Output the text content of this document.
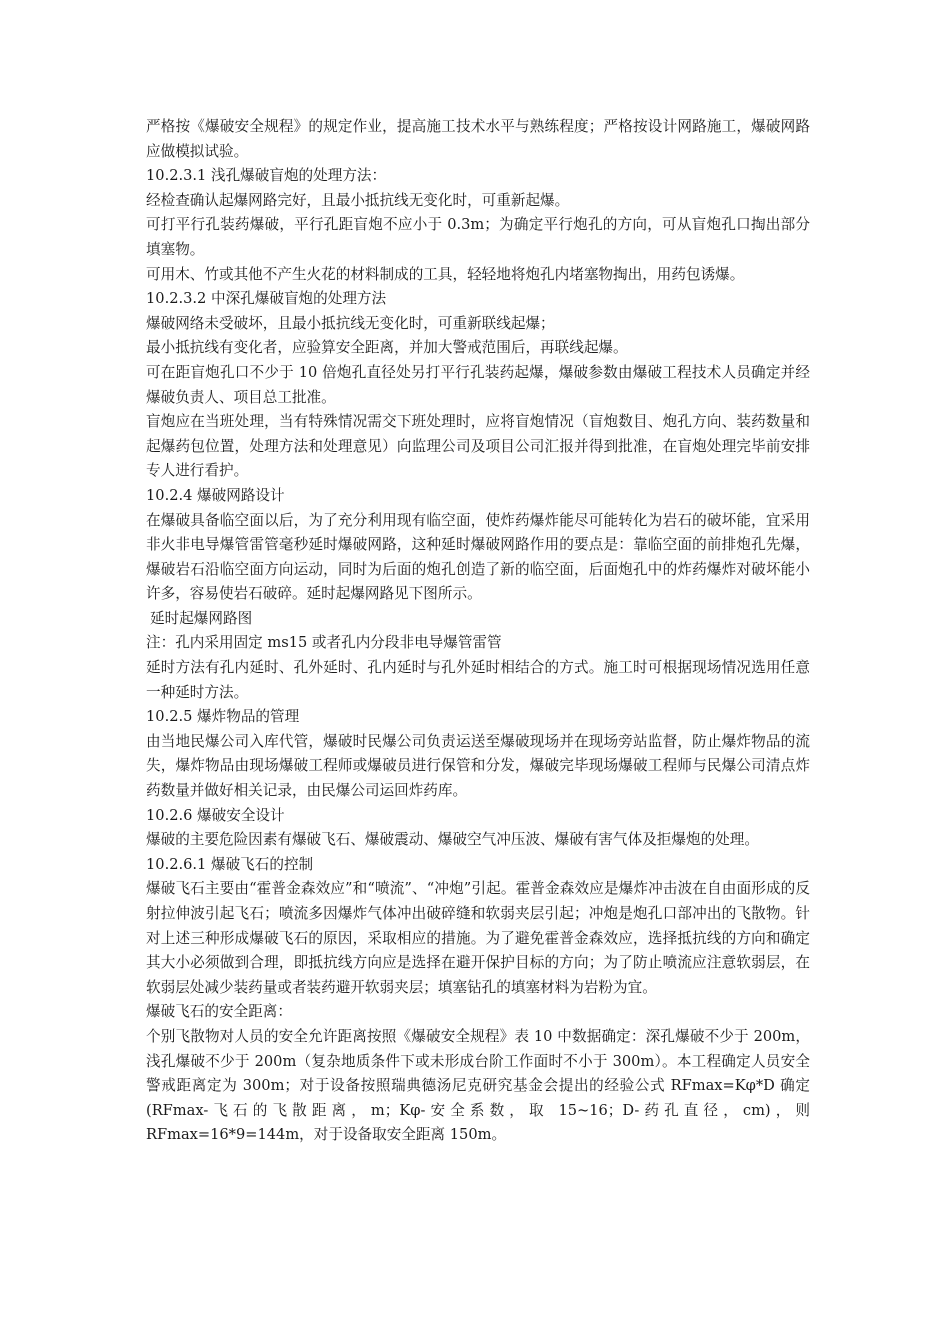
严格按《爆破安全规程》的规定作业，提高施工技术水平与熟练程度；严格按设计网路施工，爆破网路应做模拟试验。

10.2.3.1 浅孔爆破盲炮的处理方法：

经检查确认起爆网路完好，且最小抵抗线无变化时，可重新起爆。

可打平行孔装药爆破，平行孔距盲炮不应小于 0.3m；为确定平行炮孔的方向，可从盲炮孔口掏出部分填塞物。

可用木、竹或其他不产生火花的材料制成的工具，轻轻地将炮孔内堵塞物掏出，用药包诱爆。

10.2.3.2 中深孔爆破盲炮的处理方法

爆破网络未受破坏，且最小抵抗线无变化时，可重新联线起爆；

最小抵抗线有变化者，应验算安全距离，并加大警戒范围后，再联线起爆。

可在距盲炮孔口不少于 10 倍炮孔直径处另打平行孔装药起爆，爆破参数由爆破工程技术人员确定并经爆破负责人、项目总工批准。

盲炮应在当班处理，当有特殊情况需交下班处理时，应将盲炮情况（盲炮数目、炮孔方向、装药数量和起爆药包位置，处理方法和处理意见）向监理公司及项目公司汇报并得到批准，在盲炮处理完毕前安排专人进行看护。

10.2.4 爆破网路设计

在爆破具备临空面以后，为了充分利用现有临空面，使炸药爆炸能尽可能转化为岩石的破坏能，宜采用非火非电导爆管雷管毫秒延时爆破网路，这种延时爆破网路作用的要点是：靠临空面的前排炮孔先爆，爆破岩石沿临空面方向运动，同时为后面的炮孔创造了新的临空面，后面炮孔中的炸药爆炸对破坏能小许多，容易使岩石破碎。延时起爆网路见下图所示。

延时起爆网路图

注：孔内采用固定 ms15 或者孔内分段非电导爆管雷管

延时方法有孔内延时、孔外延时、孔内延时与孔外延时相结合的方式。施工时可根据现场情况选用任意一种延时方法。

10.2.5 爆炸物品的管理

由当地民爆公司入库代管，爆破时民爆公司负责运送至爆破现场并在现场旁站监督，防止爆炸物品的流失，爆炸物品由现场爆破工程师或爆破员进行保管和分发，爆破完毕现场爆破工程师与民爆公司清点炸药数量并做好相关记录，由民爆公司运回炸药库。

10.2.6 爆破安全设计

爆破的主要危险因素有爆破飞石、爆破震动、爆破空气冲压波、爆破有害气体及拒爆炮的处理。

10.2.6.1 爆破飞石的控制

爆破飞石主要由“霍普金森效应”和“喷流”、“冲炮”引起。霍普金森效应是爆炸冲击波在自由面形成的反射拉伸波引起飞石；喷流多因爆炸气体冲出破碎缝和软弱夹层引起；冲炮是炮孔口部冲出的飞散物。针对上述三种形成爆破飞石的原因，采取相应的措施。为了避免霍普金森效应，选择抵抗线的方向和确定其大小必须做到合理，即抵抗线方向应是选择在避开保护目标的方向；为了防止喷流应注意软弱层，在软弱层处减少装药量或者装药避开软弱夹层；填塞钻孔的填塞材料为岩粉为宜。

爆破飞石的安全距离：

个别飞散物对人员的安全允许距离按照《爆破安全规程》表 10 中数据确定：深孔爆破不少于 200m，浅孔爆破不少于 200m（复杂地质条件下或未形成台阶工作面时不小于 300m）。本工程确定人员安全警戒距离定为 300m；对于设备按照瑞典德汤尼克研究基金会提出的经验公式 RFmax=Kφ*D 确定(RFmax-飞石的飞散距离，m；Kφ-安全系数，取 15~16；D-药孔直径，cm)，则 RFmax=16*9=144m，对于设备取安全距离 150m。
